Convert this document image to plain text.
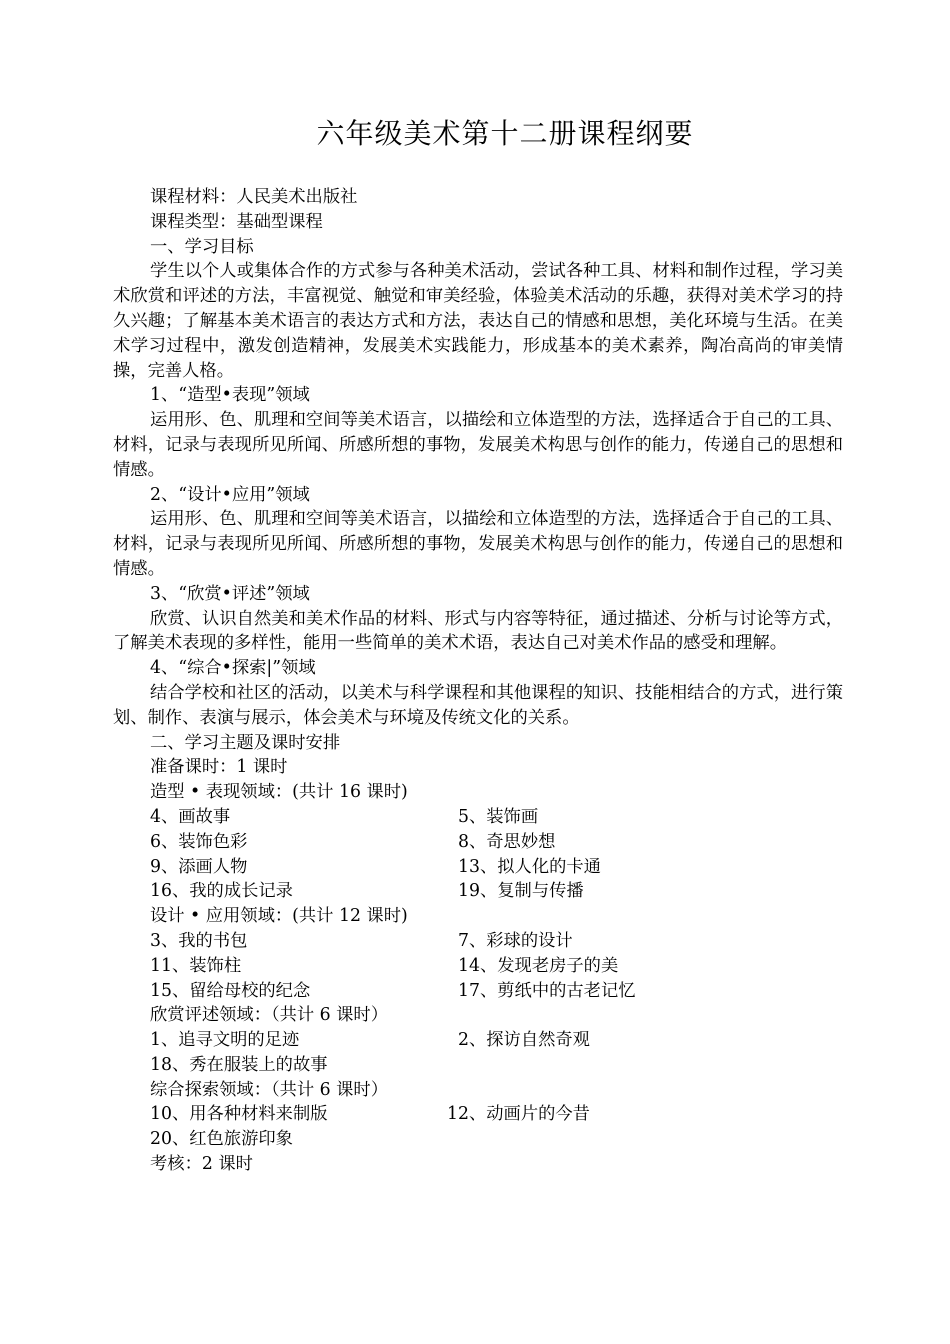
六年级美术第十二册课程纲要
课程材料：人民美术出版社
课程类型：基础型课程
一、学习目标
学生以个人或集体合作的方式参与各种美术活动，尝试各种工具、材料和制作过程，学习美术欣赏和评述的方法，丰富视觉、触觉和审美经验，体验美术活动的乐趣，获得对美术学习的持久兴趣；了解基本美术语言的表达方式和方法，表达自己的情感和思想，美化环境与生活。在美术学习过程中，激发创造精神，发展美术实践能力，形成基本的美术素养，陶冶高尚的审美情操，完善人格。
1、“造型•表现”领域
运用形、色、肌理和空间等美术语言，以描绘和立体造型的方法，选择适合于自己的工具、材料，记录与表现所见所闻、所感所想的事物，发展美术构思与创作的能力，传递自己的思想和情感。
2、“设计•应用”领域
运用形、色、肌理和空间等美术语言，以描绘和立体造型的方法，选择适合于自己的工具、材料，记录与表现所见所闻、所感所想的事物，发展美术构思与创作的能力，传递自己的思想和情感。
3、“欣赏•评述”领域
欣赏、认识自然美和美术作品的材料、形式与内容等特征，通过描述、分析与讨论等方式，了解美术表现的多样性，能用一些简单的美术术语，表达自己对美术作品的感受和理解。
4、“综合•探索|”领域
结合学校和社区的活动，以美术与科学课程和其他课程的知识、技能相结合的方式，进行策划、制作、表演与展示，体会美术与环境及传统文化的关系。
二、学习主题及课时安排
准备课时：1 课时
造型 • 表现领域：(共计 16 课时)
4、画故事	5、装饰画
6、装饰色彩	8、奇思妙想
9、添画人物	13、拟人化的卡通
16、我的成长记录	19、复制与传播
设计 • 应用领域：(共计 12 课时)
3、我的书包	7、彩球的设计
11、装饰柱	14、发现老房子的美
15、留给母校的纪念	17、剪纸中的古老记忆
欣赏评述领域：（共计 6 课时）
1、追寻文明的足迹	2、探访自然奇观
18、秀在服装上的故事
综合探索领域：（共计 6 课时）
10、用各种材料来制版	12、动画片的今昔
20、红色旅游印象
考核：2 课时
